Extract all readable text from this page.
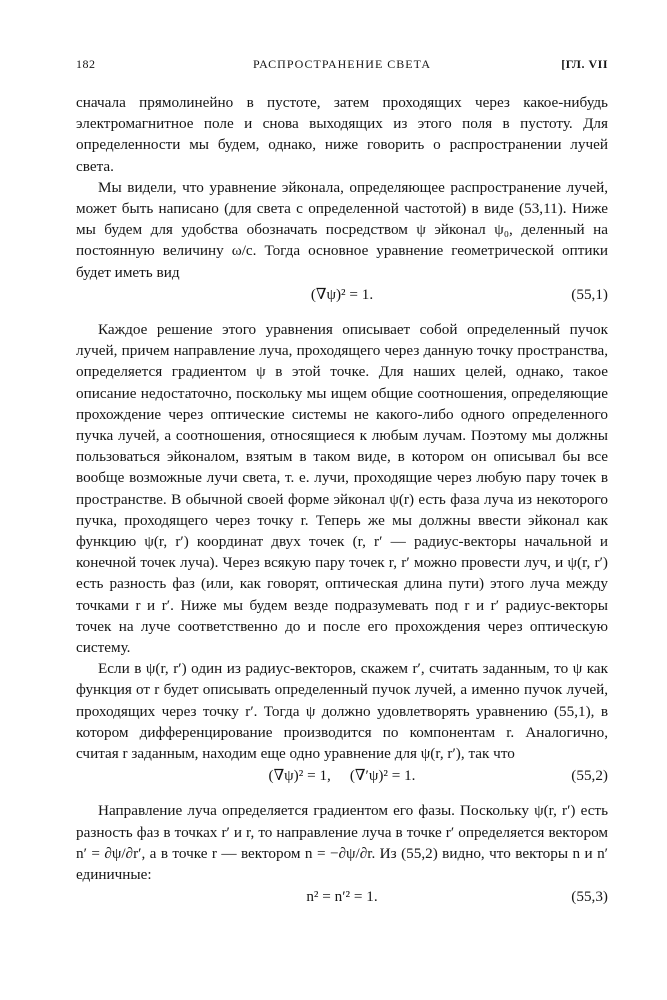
182	РАСПРОСТРАНЕНИЕ СВЕТА	[ГЛ. VII

сначала прямолинейно в пустоте, затем проходящих через какое-нибудь электромагнитное поле и снова выходящих из этого поля в пустоту. Для определенности мы будем, однако, ниже говорить о распространении лучей света.

Мы видели, что уравнение эйконала, определяющее распространение лучей, может быть написано (для света с определенной частотой) в виде (53,11). Ниже мы будем для удобства обозначать посредством ψ эйконал ψ₀, деленный на постоянную величину ω/c. Тогда основное уравнение геометрической оптики будет иметь вид

(∇ψ)² = 1.	(55,1)

Каждое решение этого уравнения описывает собой определенный пучок лучей, причем направление луча, проходящего через данную точку пространства, определяется градиентом ψ в этой точке. Для наших целей, однако, такое описание недостаточно, поскольку мы ищем общие соотношения, определяющие прохождение через оптические системы не какого-либо одного определенного пучка лучей, а соотношения, относящиеся к любым лучам. Поэтому мы должны пользоваться эйконалом, взятым в таком виде, в котором он описывал бы все вообще возможные лучи света, т. е. лучи, проходящие через любую пару точек в пространстве. В обычной своей форме эйконал ψ(r) есть фаза луча из некоторого пучка, проходящего через точку r. Теперь же мы должны ввести эйконал как функцию ψ(r, r′) координат двух точек (r, r′ — радиус-векторы начальной и конечной точек луча). Через всякую пару точек r, r′ можно провести луч, и ψ(r, r′) есть разность фаз (или, как говорят, оптическая длина пути) этого луча между точками r и r′. Ниже мы будем везде подразумевать под r и r′ радиус-векторы точек на луче соответственно до и после его прохождения через оптическую систему.

Если в ψ(r, r′) один из радиус-векторов, скажем r′, считать заданным, то ψ как функция от r будет описывать определенный пучок лучей, а именно пучок лучей, проходящих через точку r′. Тогда ψ должно удовлетворять уравнению (55,1), в котором дифференцирование производится по компонентам r. Аналогично, считая r заданным, находим еще одно уравнение для ψ(r, r′), так что

(∇ψ)² = 1,     (∇′ψ)² = 1.	(55,2)

Направление луча определяется градиентом его фазы. Поскольку ψ(r, r′) есть разность фаз в точках r′ и r, то направление луча в точке r′ определяется вектором n′ = ∂ψ/∂r′, а в точке r — вектором n = −∂ψ/∂r. Из (55,2) видно, что векторы n и n′ единичные:

n² = n′² = 1.	(55,3)
